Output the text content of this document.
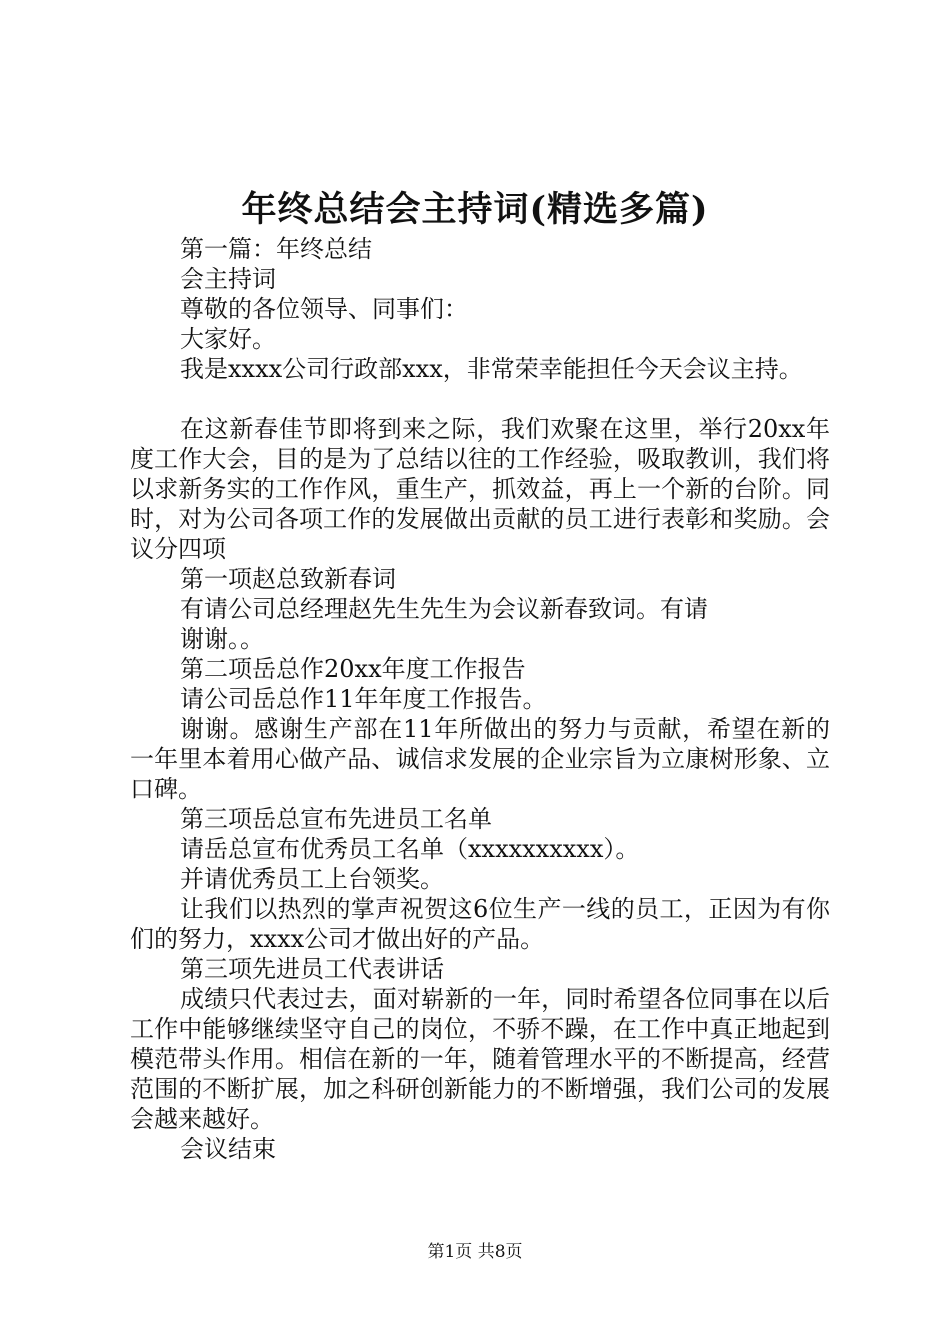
年终总结会主持词(精选多篇)

第一篇：年终总结

会主持词

尊敬的各位领导、同事们：

大家好。

我是xxxx公司行政部xxx，非常荣幸能担任今天会议主持。

在这新春佳节即将到来之际，我们欢聚在这里，举行20xx年度工作大会，目的是为了总结以往的工作经验，吸取教训，我们将以求新务实的工作作风，重生产，抓效益，再上一个新的台阶。同时，对为公司各项工作的发展做出贡献的员工进行表彰和奖励。会议分四项

第一项赵总致新春词

有请公司总经理赵先生先生为会议新春致词。有请

谢谢。。

第二项岳总作20xx年度工作报告

请公司岳总作11年年度工作报告。

谢谢。感谢生产部在11年所做出的努力与贡献，希望在新的一年里本着用心做产品、诚信求发展的企业宗旨为立康树形象、立口碑。

第三项岳总宣布先进员工名单

请岳总宣布优秀员工名单（xxxxxxxxxx）。

并请优秀员工上台领奖。

让我们以热烈的掌声祝贺这6位生产一线的员工，正因为有你们的努力，xxxx公司才做出好的产品。

第三项先进员工代表讲话

成绩只代表过去，面对崭新的一年，同时希望各位同事在以后工作中能够继续坚守自己的岗位，不骄不躁，在工作中真正地起到模范带头作用。相信在新的一年，随着管理水平的不断提高，经营范围的不断扩展，加之科研创新能力的不断增强，我们公司的发展会越来越好。

会议结束

第1页 共8页
